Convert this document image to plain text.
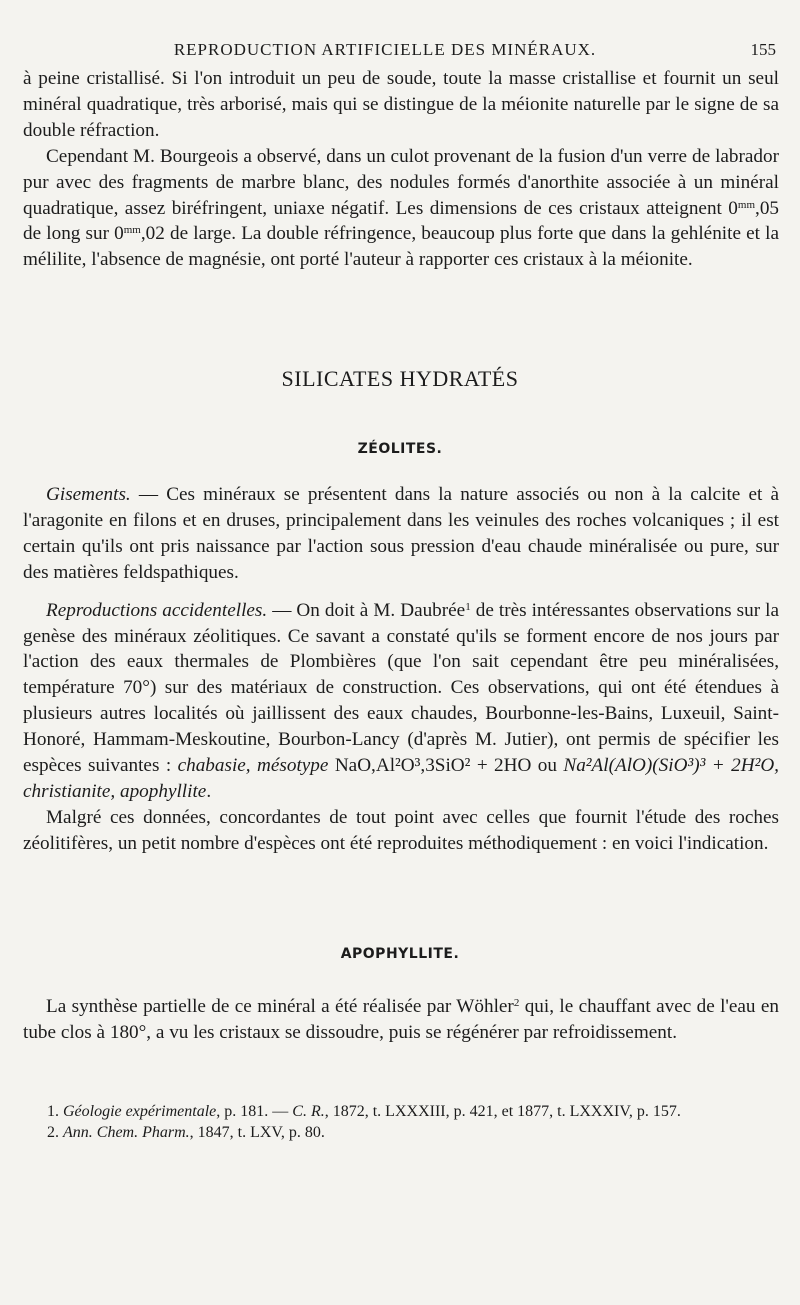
REPRODUCTION ARTIFICIELLE DES MINÉRAUX.	155

à peine cristallisé. Si l'on introduit un peu de soude, toute la masse cristallise et fournit un seul minéral quadratique, très arborisé, mais qui se distingue de la méionite naturelle par le signe de sa double réfraction.

Cependant M. Bourgeois a observé, dans un culot provenant de la fusion d'un verre de labrador pur avec des fragments de marbre blanc, des nodules formés d'anorthite associée à un minéral quadratique, assez biréfringent, uniaxe négatif. Les dimensions de ces cristaux atteignent $0^{mm},05$ de long sur $0^{mm},02$ de large. La double réfringence, beaucoup plus forte que dans la gehlénite et la mélilite, l'absence de magnésie, ont porté l'auteur à rapporter ces cristaux à la méionite.

SILICATES HYDRATÉS
ZÉOLITES.

Gisements. — Ces minéraux se présentent dans la nature associés ou non à la calcite et à l'aragonite en filons et en druses, principalement dans les veinules des roches volcaniques ; il est certain qu'ils ont pris naissance par l'action sous pression d'eau chaude minéralisée ou pure, sur des matières feldspathiques.

Reproductions accidentelles. — On doit à M. Daubrée$^1$ de très intéressantes observations sur la genèse des minéraux zéolitiques. Ce savant a constaté qu'ils se forment encore de nos jours par l'action des eaux thermales de Plombières (que l'on sait cependant être peu minéralisées, température 70°) sur des matériaux de construction. Ces observations, qui ont été étendues à plusieurs autres localités où jaillissent des eaux chaudes, Bourbonne-les-Bains, Luxeuil, Saint-Honoré, Hammam-Meskoutine, Bourbon-Lancy (d'après M. Jutier), ont permis de spécifier les espèces suivantes : chabasie, mésotype NaO,Al²O³,3SiO² + 2HO ou Na²Al(AlO)(SiO³)³ + 2H²O, christianite, apophyllite.

Malgré ces données, concordantes de tout point avec celles que fournit l'étude des roches zéolitifères, un petit nombre d'espèces ont été reproduites méthodiquement : en voici l'indication.

APOPHYLLITE.

La synthèse partielle de ce minéral a été réalisée par Wöhler$^2$ qui, le chauffant avec de l'eau en tube clos à 180°, a vu les cristaux se dissoudre, puis se régénérer par refroidissement.

1. Géologie expérimentale, p. 181. — C. R., 1872, t. LXXXIII, p. 421, et 1877, t. LXXXIV, p. 157.

2. Ann. Chem. Pharm., 1847, t. LXV, p. 80.
